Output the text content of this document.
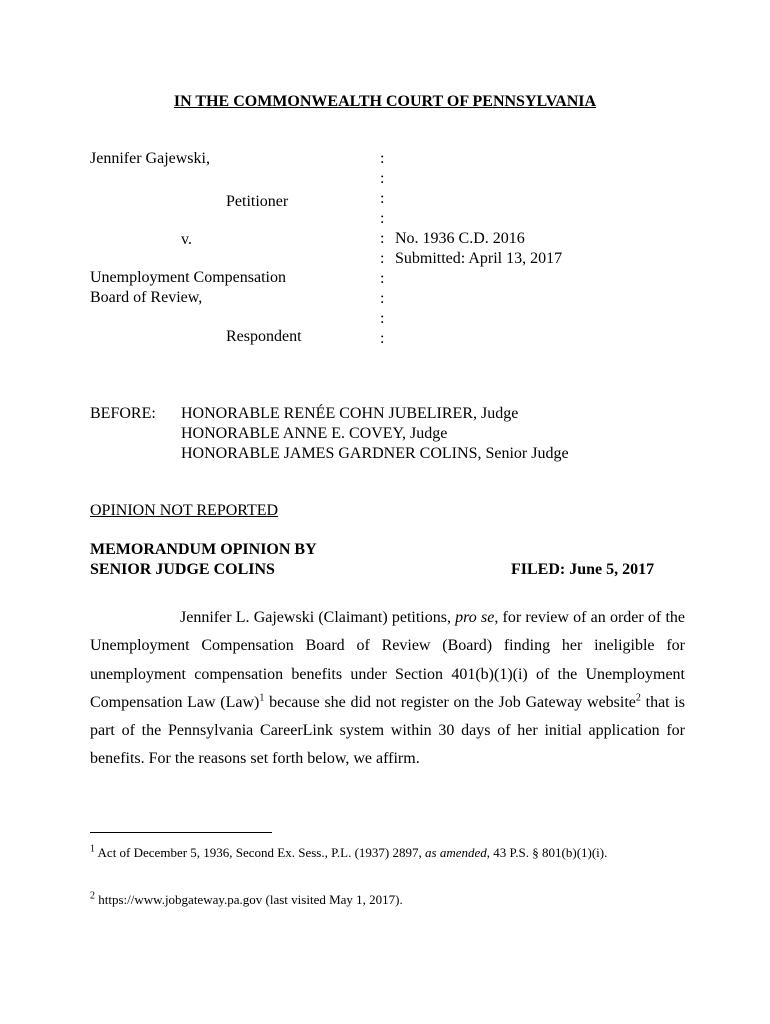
IN THE COMMONWEALTH COURT OF PENNSYLVANIA
Jennifer Gajewski,
Petitioner
v.
Unemployment Compensation
Board of Review,
Respondent
:
:
:
:
:
:
:
:
:
:
No. 1936 C.D. 2016
Submitted: April 13, 2017
BEFORE: HONORABLE RENÉE COHN JUBELIRER, Judge
HONORABLE ANNE E. COVEY, Judge
HONORABLE JAMES GARDNER COLINS, Senior Judge
OPINION NOT REPORTED
MEMORANDUM OPINION BY
SENIOR JUDGE COLINS	FILED: June 5, 2017
Jennifer L. Gajewski (Claimant) petitions, pro se, for review of an order of the Unemployment Compensation Board of Review (Board) finding her ineligible for unemployment compensation benefits under Section 401(b)(1)(i) of the Unemployment Compensation Law (Law)$^1$ because she did not register on the Job Gateway website$^2$ that is part of the Pennsylvania CareerLink system within 30 days of her initial application for benefits. For the reasons set forth below, we affirm.
$^1$ Act of December 5, 1936, Second Ex. Sess., P.L. (1937) 2897, as amended, 43 P.S. § 801(b)(1)(i).
$^2$ https://www.jobgateway.pa.gov (last visited May 1, 2017).
